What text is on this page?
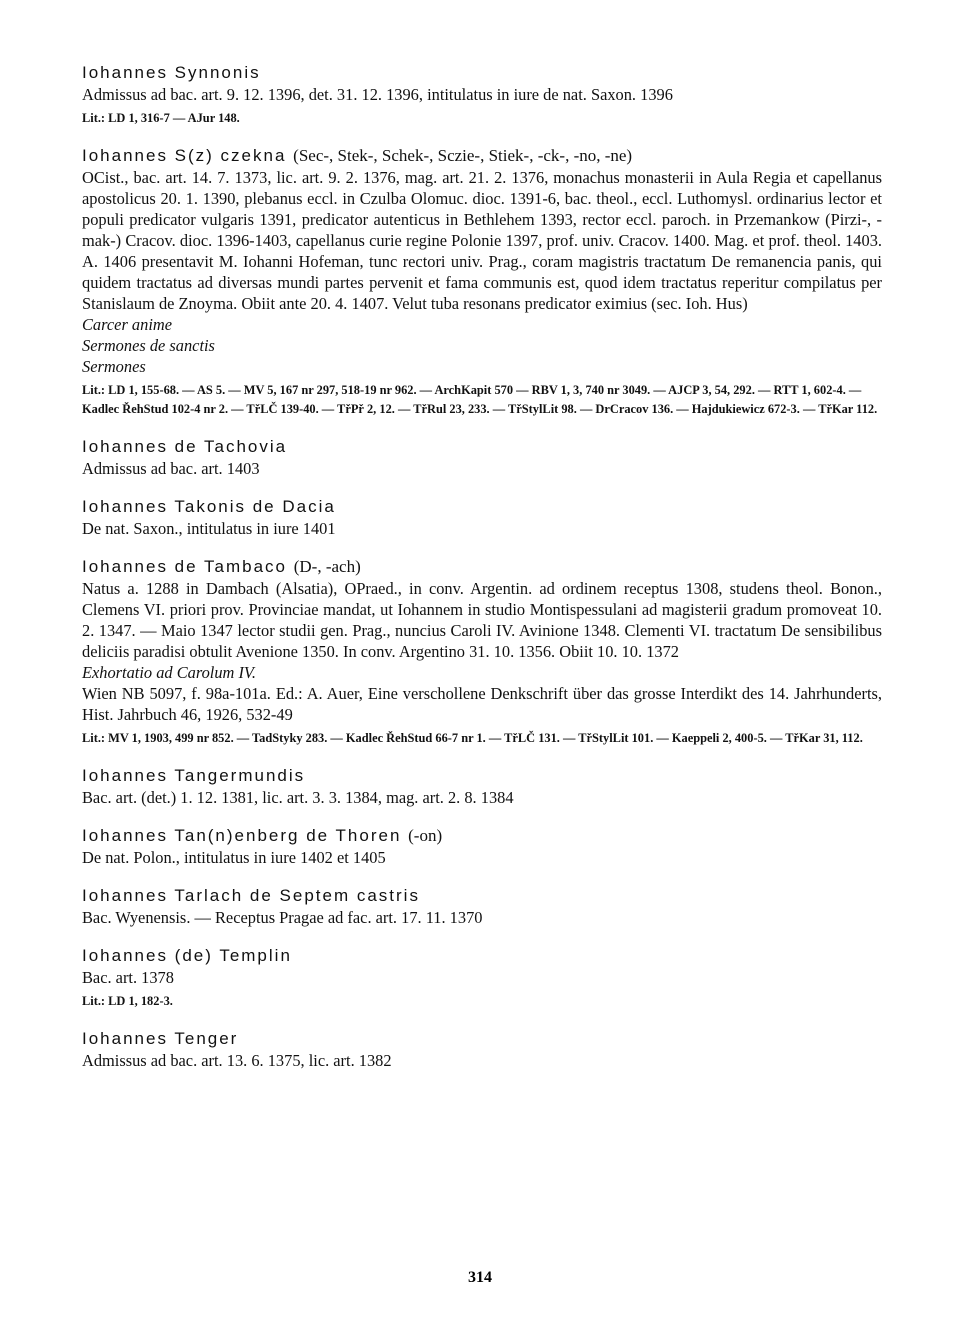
Iohannes Synnonis

Admissus ad bac. art. 9. 12. 1396, det. 31. 12. 1396, intitulatus in iure de nat. Saxon. 1396

Lit.: LD 1, 316-7 — AJur 148.

Iohannes S(z) czekna (Sec-, Stek-, Schek-, Sczie-, Stiek-, -ck-, -no, -ne)

OCist., bac. art. 14. 7. 1373, lic. art. 9. 2. 1376, mag. art. 21. 2. 1376, monachus monasterii in Aula Regia et capellanus apostolicus 20. 1. 1390, plebanus eccl. in Czulba Olomuc. dioc. 1391-6, bac. theol., eccl. Luthomysl. ordinarius lector et populi predicator vulgaris 1391, predicator autenticus in Bethlehem 1393, rector eccl. paroch. in Przemankow (Pirzi-, -mak-) Cracov. dioc. 1396-1403, capellanus curie regine Polonie 1397, prof. univ. Cracov. 1400. Mag. et prof. theol. 1403. A. 1406 presentavit M. Iohanni Hofeman, tunc rectori univ. Prag., coram magistris tractatum De remanencia panis, qui quidem tractatus ad diversas mundi partes pervenit et fama communis est, quod idem tractatus reperitur compilatus per Stanislaum de Znoyma. Obiit ante 20. 4. 1407. Velut tuba resonans predicator eximius (sec. Ioh. Hus)

Carcer anime

Sermones de sanctis

Sermones

Lit.: LD 1, 155-68. — AS 5. — MV 5, 167 nr 297, 518-19 nr 962. — ArchKapit 570 — RBV 1, 3, 740 nr 3049. — AJCP 3, 54, 292. — RTT 1, 602-4. — Kadlec ŘehStud 102-4 nr 2. — TřLČ 139-40. — TřPř 2, 12. — TřRul 23, 233. — TřStylLit 98. — DrCracov 136. — Hajdukiewicz 672-3. — TřKar 112.

Iohannes de Tachovia

Admissus ad bac. art. 1403

Iohannes Takonis de Dacia

De nat. Saxon., intitulatus in iure 1401

Iohannes de Tambaco (D-, -ach)

Natus a. 1288 in Dambach (Alsatia), OPraed., in conv. Argentin. ad ordinem receptus 1308, studens theol. Bonon., Clemens VI. priori prov. Provinciae mandat, ut Iohannem in studio Montispessulani ad magisterii gradum promoveat 10. 2. 1347. — Maio 1347 lector studii gen. Prag., nuncius Caroli IV. Avinione 1348. Clementi VI. tractatum De sensibilibus deliciis paradisi obtulit Avenione 1350. In conv. Argentino 31. 10. 1356. Obiit 10. 10. 1372

Exhortatio ad Carolum IV.

Wien NB 5097, f. 98a-101a. Ed.: A. Auer, Eine verschollene Denkschrift über das grosse Interdikt des 14. Jahrhunderts, Hist. Jahrbuch 46, 1926, 532-49

Lit.: MV 1, 1903, 499 nr 852. — TadStyky 283. — Kadlec ŘehStud 66-7 nr 1. — TřLČ 131. — TřStylLit 101. — Kaeppeli 2, 400-5. — TřKar 31, 112.

Iohannes Tangermundis

Bac. art. (det.) 1. 12. 1381, lic. art. 3. 3. 1384, mag. art. 2. 8. 1384

Iohannes Tan(n)enberg de Thoren (-on)

De nat. Polon., intitulatus in iure 1402 et 1405

Iohannes Tarlach de Septem castris

Bac. Wyenensis. — Receptus Pragae ad fac. art. 17. 11. 1370

Iohannes (de) Templin

Bac. art. 1378

Lit.: LD 1, 182-3.

Iohannes Tenger

Admissus ad bac. art. 13. 6. 1375, lic. art. 1382

314
